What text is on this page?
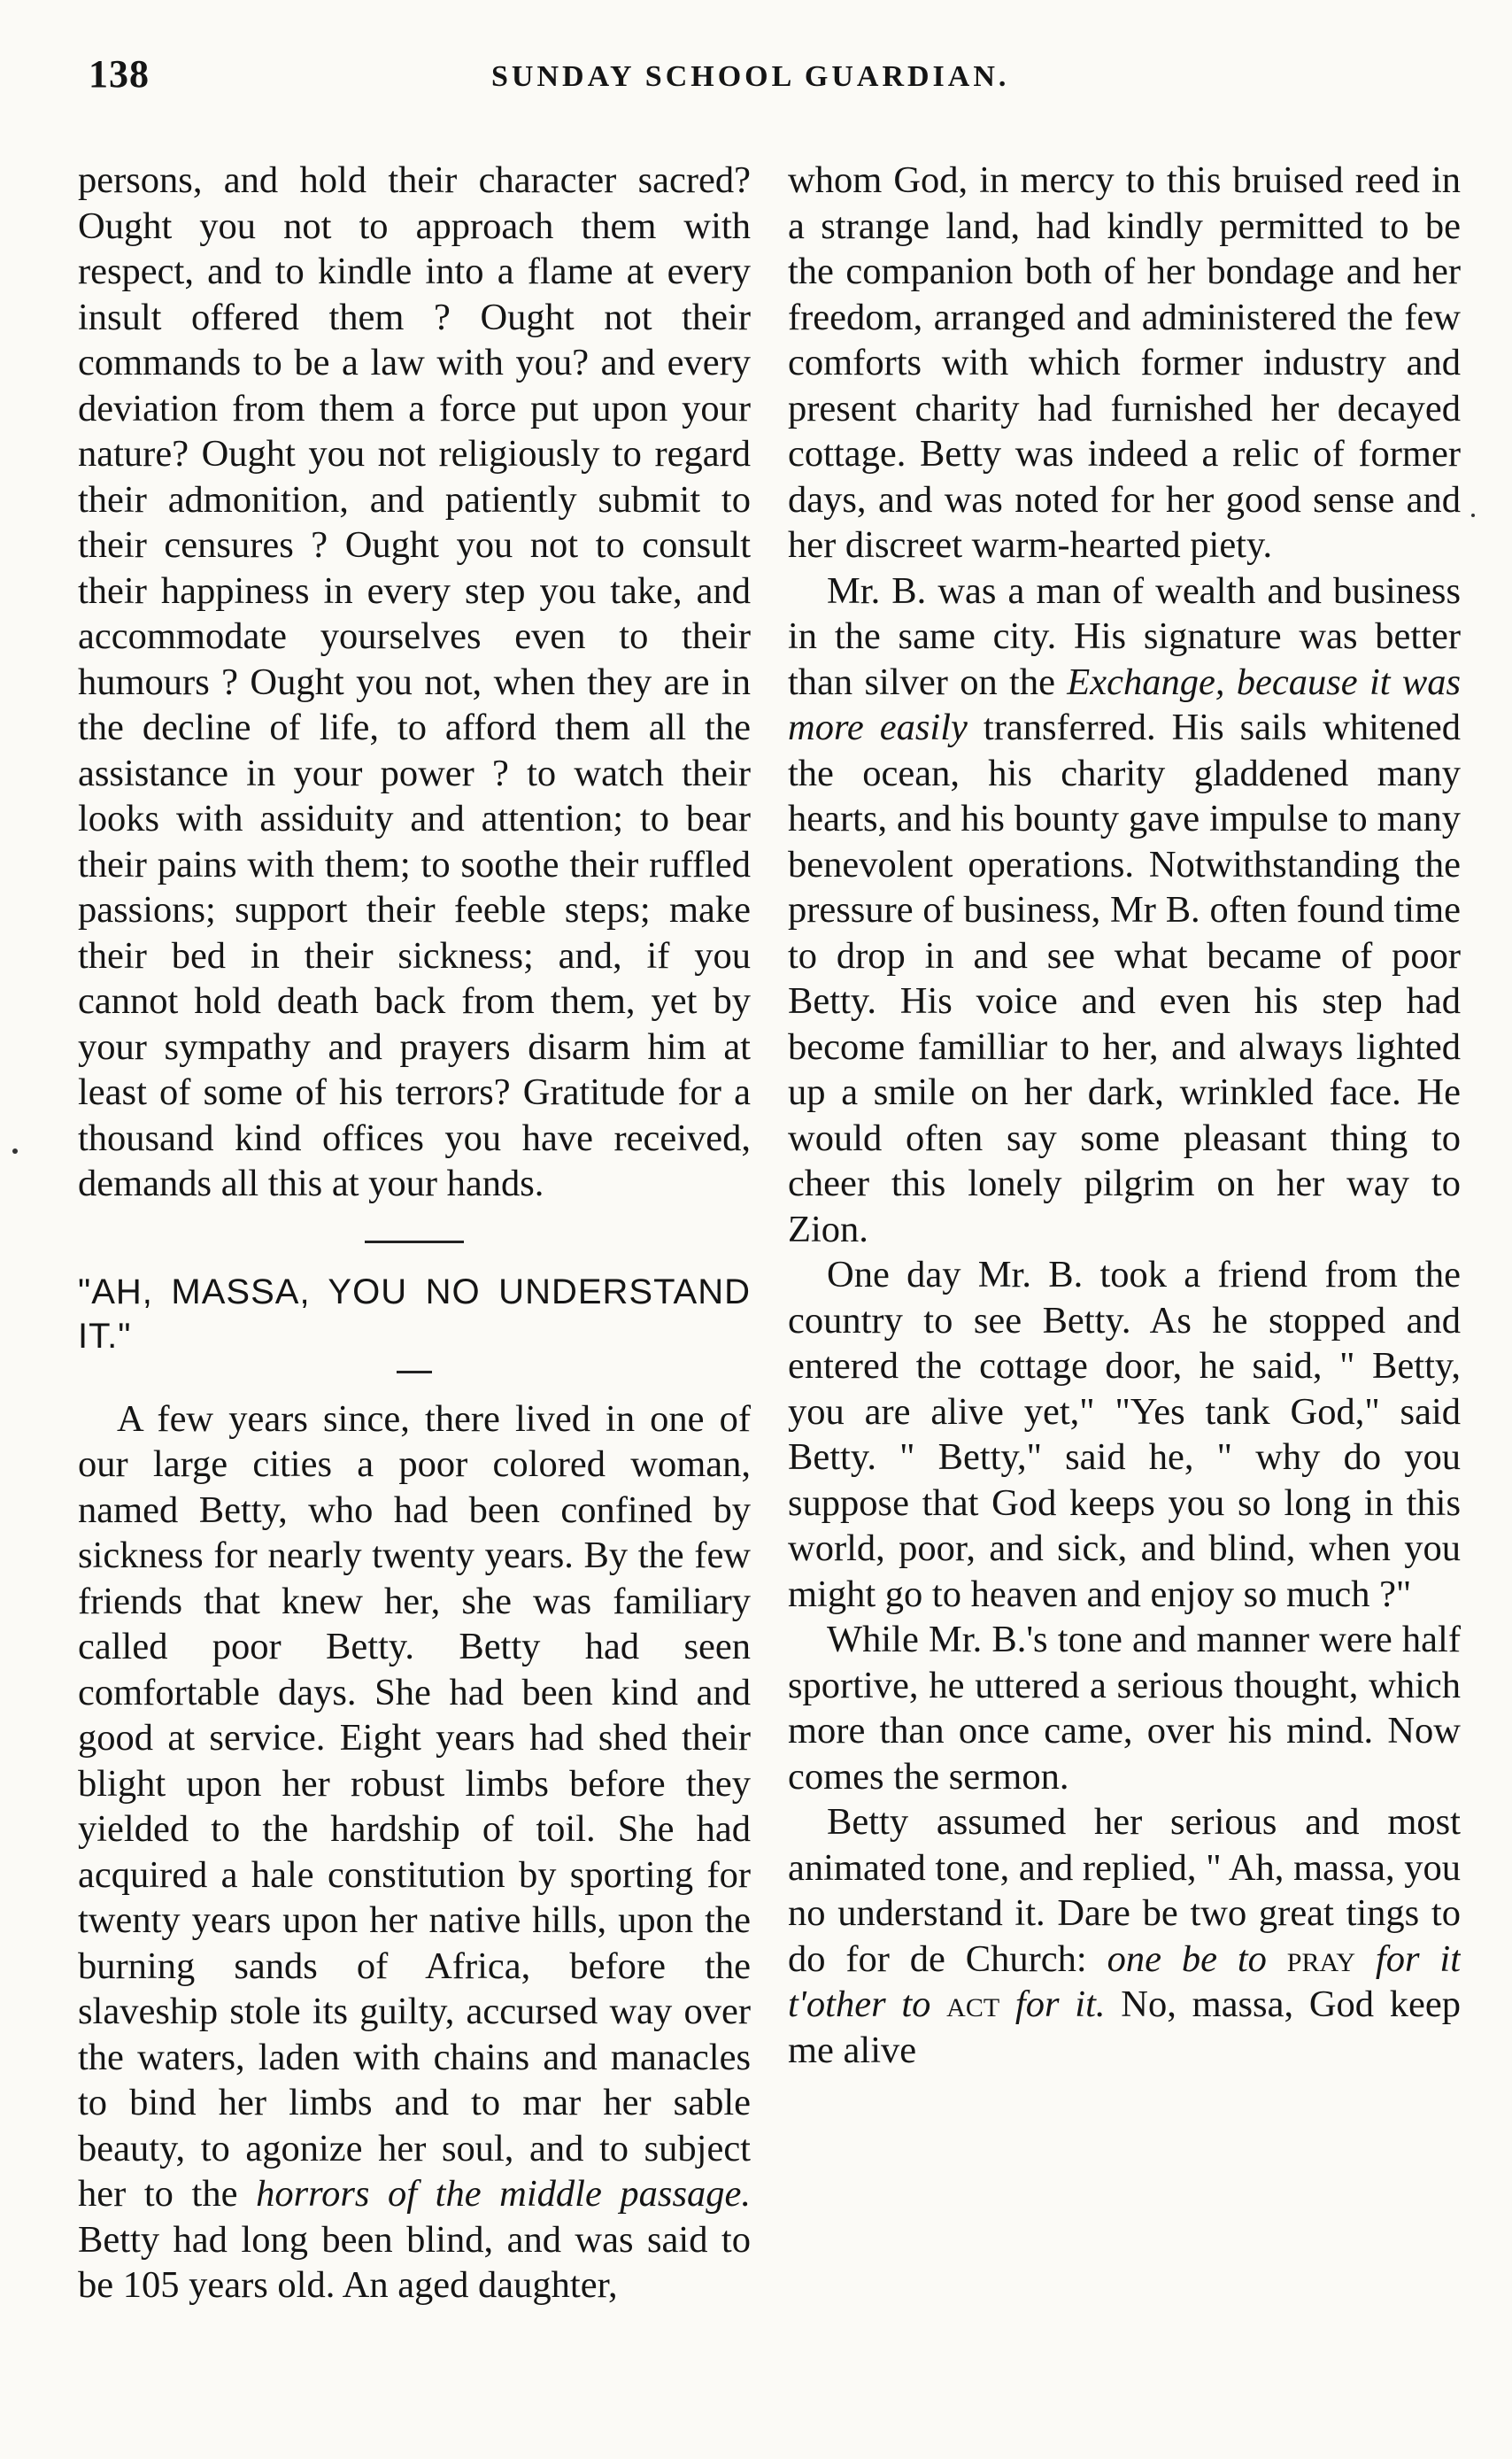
138	SUNDAY SCHOOL GUARDIAN.

persons, and hold their character sacred? Ought you not to approach them with respect, and to kindle into a flame at every insult offered them ? Ought not their commands to be a law with you? and every deviation from them a force put upon your nature? Ought you not religiously to regard their admonition, and patiently submit to their censures ? Ought you not to consult their happiness in every step you take, and accommodate yourselves even to their humours ? Ought you not, when they are in the decline of life, to afford them all the assistance in your power ? to watch their looks with assiduity and attention; to bear their pains with them; to soothe their ruffled passions; support their feeble steps; make their bed in their sickness; and, if you cannot hold death back from them, yet by your sympathy and prayers disarm him at least of some of his terrors? Gratitude for a thousand kind offices you have received, demands all this at your hands.

"AH, MASSA, YOU NO UNDERSTAND IT."

A few years since, there lived in one of our large cities a poor colored woman, named Betty, who had been confined by sickness for nearly twenty years. By the few friends that knew her, she was familiary called poor Betty. Betty had seen comfortable days. She had been kind and good at service. Eight years had shed their blight upon her robust limbs before they yielded to the hardship of toil. She had acquired a hale constitution by sporting for twenty years upon her native hills, upon the burning sands of Africa, before the slaveship stole its guilty, accursed way over the waters, laden with chains and manacles to bind her limbs and to mar her sable beauty, to agonize her soul, and to subject her to the horrors of the middle passage. Betty had long been blind, and was said to be 105 years old. An aged daughter,

whom God, in mercy to this bruised reed in a strange land, had kindly permitted to be the companion both of her bondage and her freedom, arranged and administered the few comforts with which former industry and present charity had furnished her decayed cottage. Betty was indeed a relic of former days, and was noted for her good sense and her discreet warm-hearted piety.

Mr. B. was a man of wealth and business in the same city. His signature was better than silver on the Exchange, because it was more easily transferred. His sails whitened the ocean, his charity gladdened many hearts, and his bounty gave impulse to many benevolent operations. Notwithstanding the pressure of business, Mr B. often found time to drop in and see what became of poor Betty. His voice and even his step had become familliar to her, and always lighted up a smile on her dark, wrinkled face. He would often say some pleasant thing to cheer this lonely pilgrim on her way to Zion.

One day Mr. B. took a friend from the country to see Betty. As he stopped and entered the cottage door, he said, " Betty, you are alive yet," "Yes tank God," said Betty. " Betty," said he, " why do you suppose that God keeps you so long in this world, poor, and sick, and blind, when you might go to heaven and enjoy so much ?"

While Mr. B.'s tone and manner were half sportive, he uttered a serious thought, which more than once came, over his mind. Now comes the sermon.

Betty assumed her serious and most animated tone, and replied, " Ah, massa, you no understand it. Dare be two great tings to do for de Church: one be to pray for it t'other to act for it. No, massa, God keep me alive
